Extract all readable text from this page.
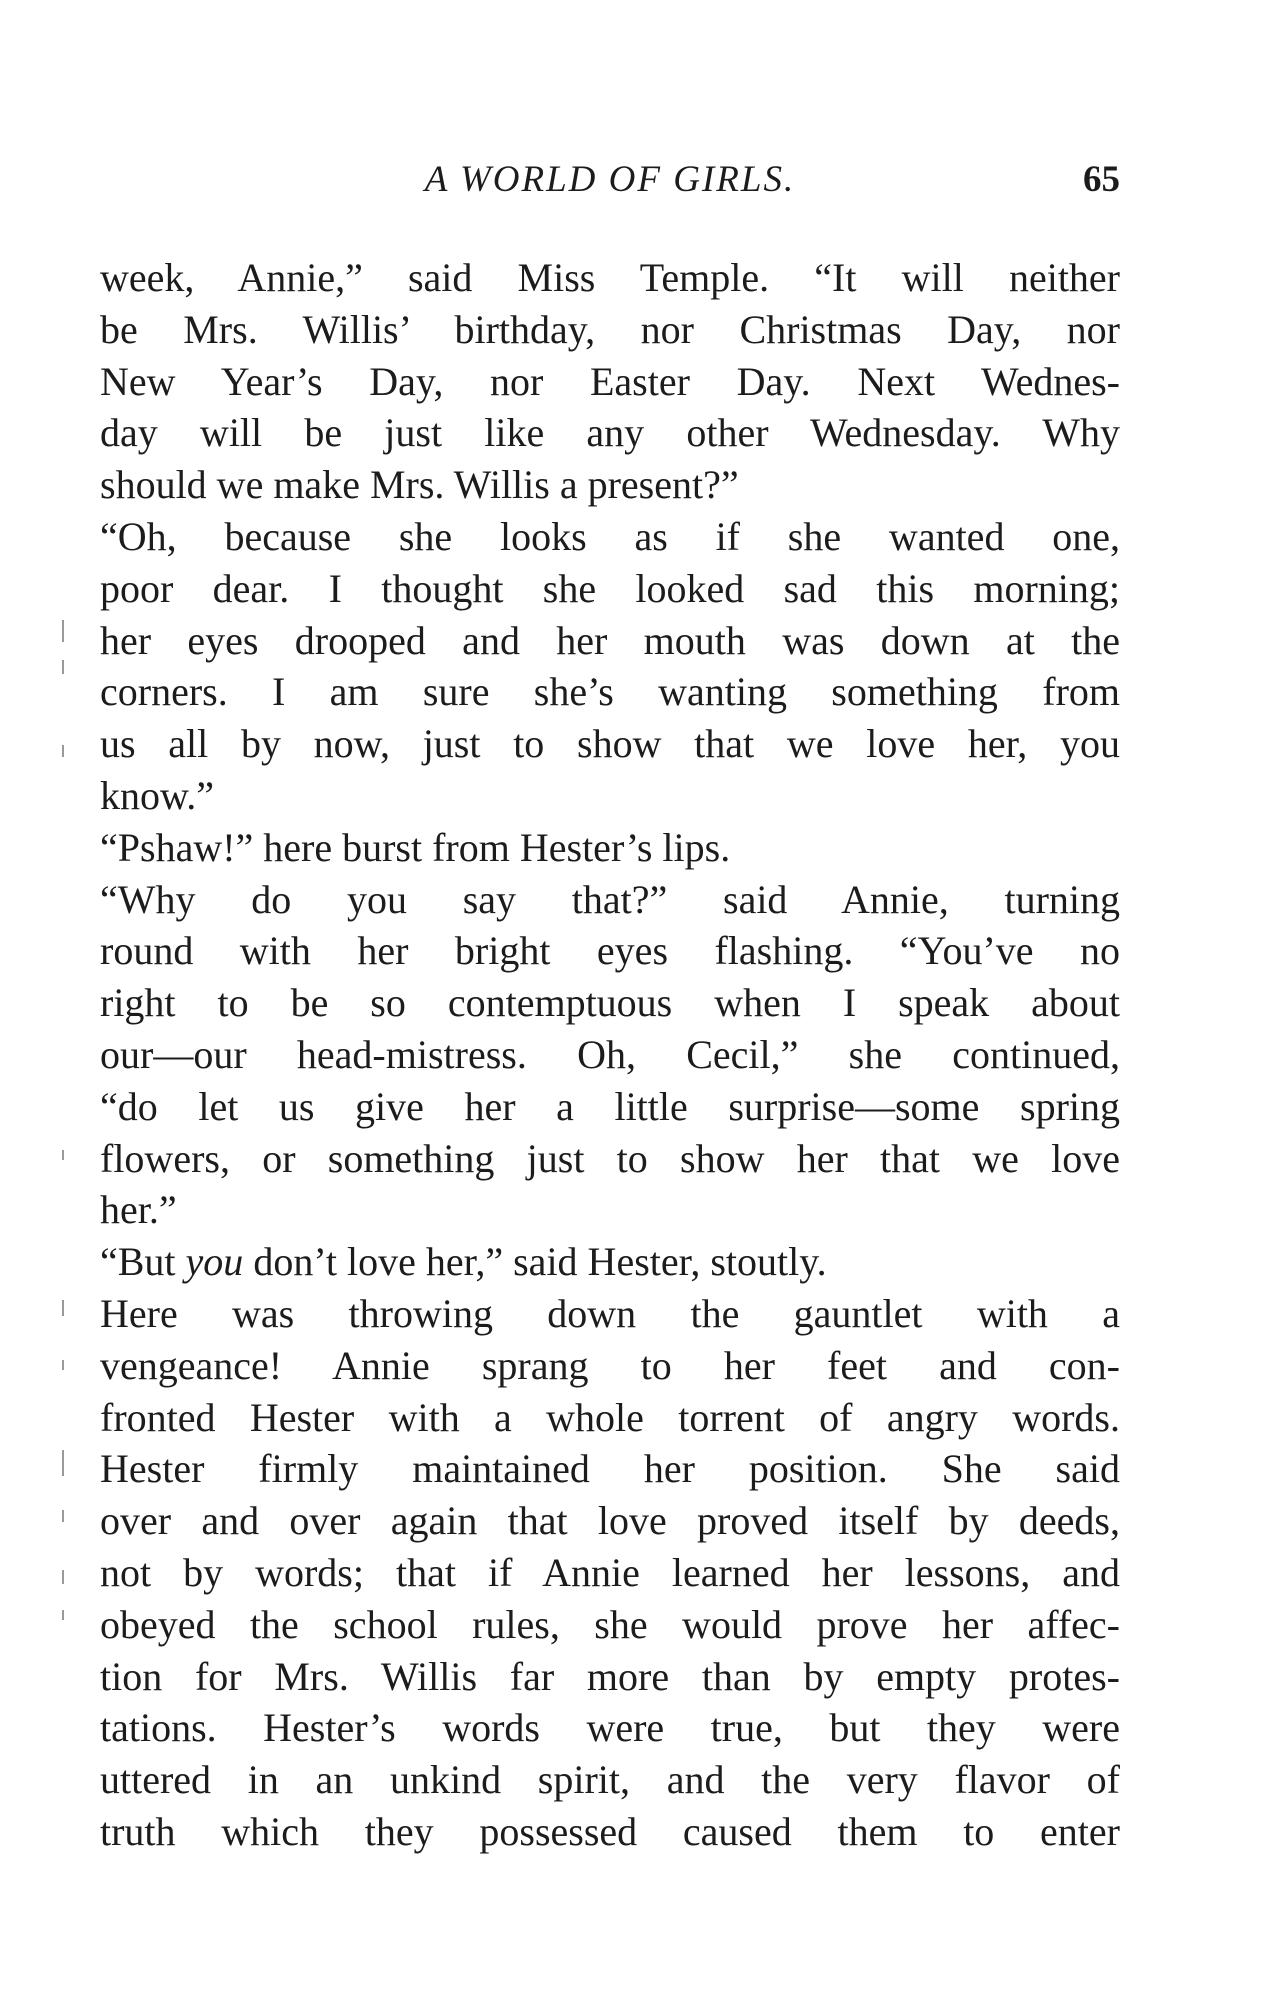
A WORLD OF GIRLS.	65
week, Annie,” said Miss Temple. “It will neither
be Mrs. Willis’ birthday, nor Christmas Day, nor
New Year’s Day, nor Easter Day. Next Wednes-
day will be just like any other Wednesday. Why
should we make Mrs. Willis a present?”
“Oh, because she looks as if she wanted one,
poor dear. I thought she looked sad this morning;
her eyes drooped and her mouth was down at the
corners. I am sure she’s wanting something from
us all by now, just to show that we love her, you
know.”
“Pshaw!” here burst from Hester’s lips.
“Why do you say that?” said Annie, turning
round with her bright eyes flashing. “You’ve no
right to be so contemptuous when I speak about
our—our head-mistress. Oh, Cecil,” she continued,
“do let us give her a little surprise—some spring
flowers, or something just to show her that we love
her.”
“But you don’t love her,” said Hester, stoutly.
Here was throwing down the gauntlet with a
vengeance! Annie sprang to her feet and con-
fronted Hester with a whole torrent of angry words.
Hester firmly maintained her position. She said
over and over again that love proved itself by deeds,
not by words; that if Annie learned her lessons, and
obeyed the school rules, she would prove her affec-
tion for Mrs. Willis far more than by empty protes-
tations. Hester’s words were true, but they were
uttered in an unkind spirit, and the very flavor of
truth which they possessed caused them to enter
